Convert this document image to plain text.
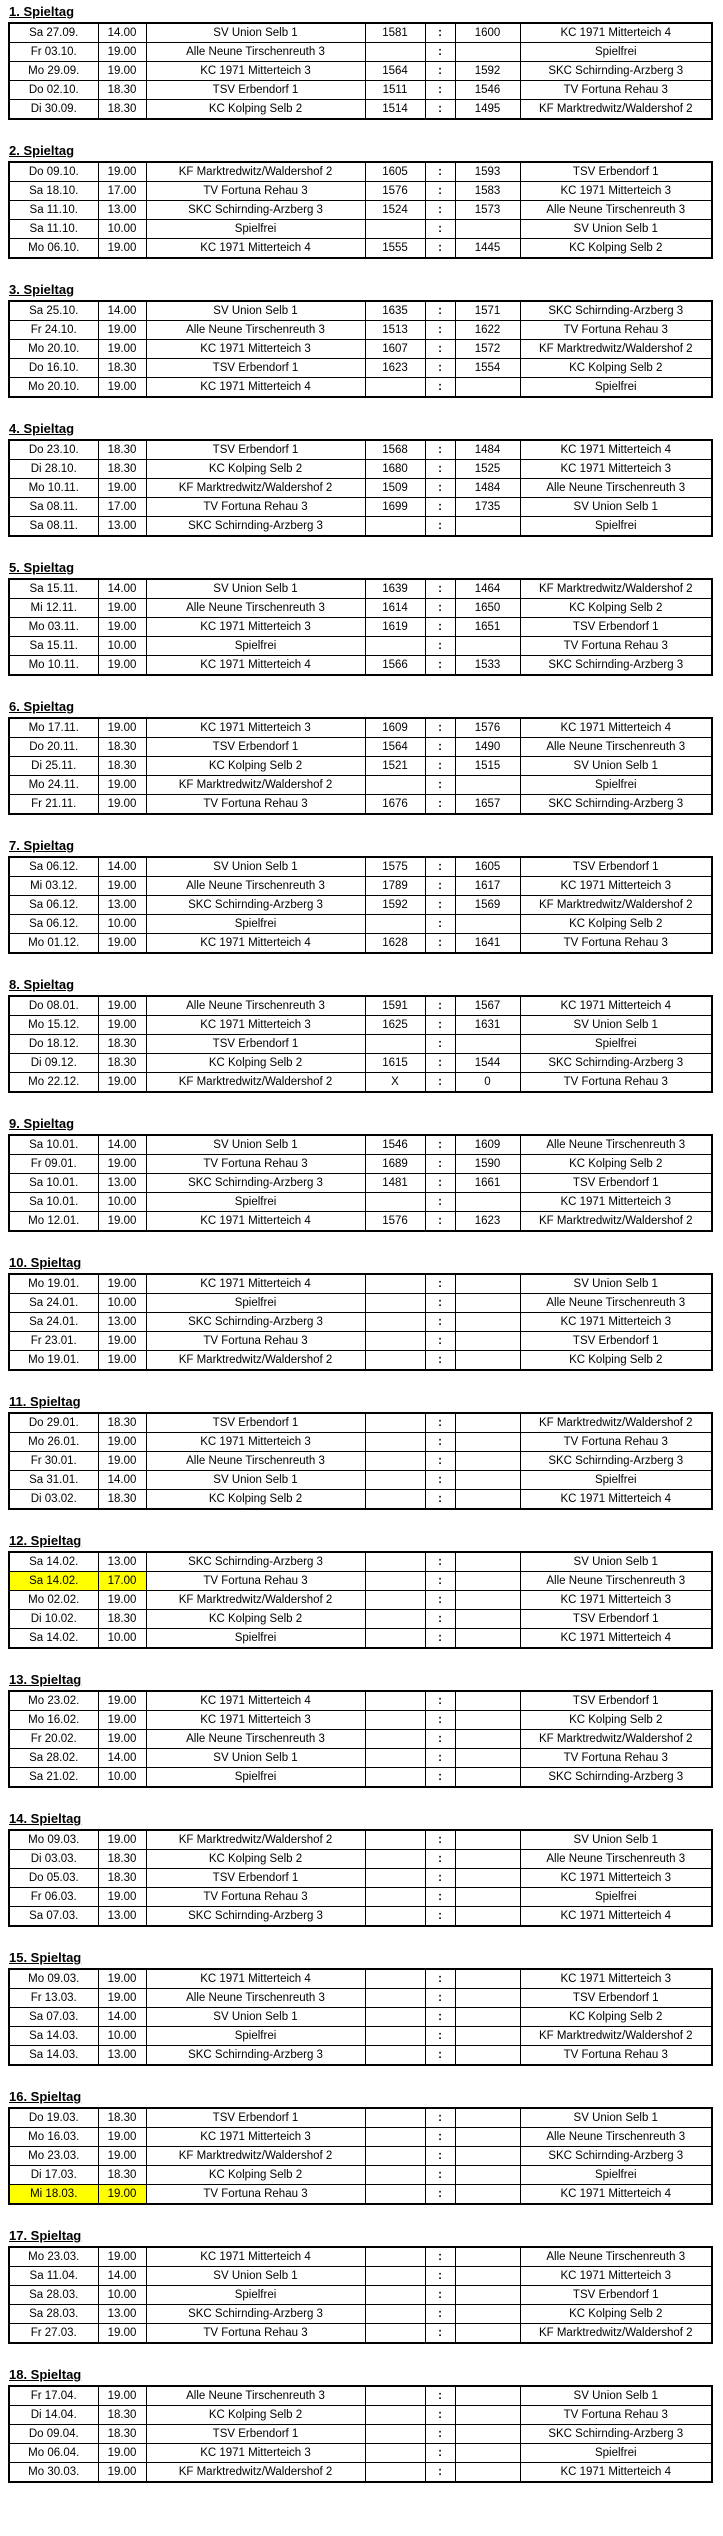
1. Spieltag
Sa 27.09.	14.00	SV Union Selb 1	1581	:	1600	KC 1971 Mitterteich 4
Fr 03.10.	19.00	Alle Neune Tirschenreuth 3		:		Spielfrei
Mo 29.09.	19.00	KC 1971 Mitterteich 3	1564	:	1592	SKC Schirnding-Arzberg 3
Do 02.10.	18.30	TSV Erbendorf 1	1511	:	1546	TV Fortuna Rehau 3
Di 30.09.	18.30	KC Kolping Selb 2	1514	:	1495	KF Marktredwitz/Waldershof 2
2. Spieltag
Do 09.10.	19.00	KF Marktredwitz/Waldershof 2	1605	:	1593	TSV Erbendorf 1
Sa 18.10.	17.00	TV Fortuna Rehau 3	1576	:	1583	KC 1971 Mitterteich 3
Sa 11.10.	13.00	SKC Schirnding-Arzberg 3	1524	:	1573	Alle Neune Tirschenreuth 3
Sa 11.10.	10.00	Spielfrei		:		SV Union Selb 1
Mo 06.10.	19.00	KC 1971 Mitterteich 4	1555	:	1445	KC Kolping Selb 2
3. Spieltag
Sa 25.10.	14.00	SV Union Selb 1	1635	:	1571	SKC Schirnding-Arzberg 3
Fr 24.10.	19.00	Alle Neune Tirschenreuth 3	1513	:	1622	TV Fortuna Rehau 3
Mo 20.10.	19.00	KC 1971 Mitterteich 3	1607	:	1572	KF Marktredwitz/Waldershof 2
Do 16.10.	18.30	TSV Erbendorf 1	1623	:	1554	KC Kolping Selb 2
Mo 20.10.	19.00	KC 1971 Mitterteich 4		:		Spielfrei
4. Spieltag
Do 23.10.	18.30	TSV Erbendorf 1	1568	:	1484	KC 1971 Mitterteich 4
Di 28.10.	18.30	KC Kolping Selb 2	1680	:	1525	KC 1971 Mitterteich 3
Mo 10.11.	19.00	KF Marktredwitz/Waldershof 2	1509	:	1484	Alle Neune Tirschenreuth 3
Sa 08.11.	17.00	TV Fortuna Rehau 3	1699	:	1735	SV Union Selb 1
Sa 08.11.	13.00	SKC Schirnding-Arzberg 3		:		Spielfrei
5. Spieltag
Sa 15.11.	14.00	SV Union Selb 1	1639	:	1464	KF Marktredwitz/Waldershof 2
Mi 12.11.	19.00	Alle Neune Tirschenreuth 3	1614	:	1650	KC Kolping Selb 2
Mo 03.11.	19.00	KC 1971 Mitterteich 3	1619	:	1651	TSV Erbendorf 1
Sa 15.11.	10.00	Spielfrei		:		TV Fortuna Rehau 3
Mo 10.11.	19.00	KC 1971 Mitterteich 4	1566	:	1533	SKC Schirnding-Arzberg 3
6. Spieltag
Mo 17.11.	19.00	KC 1971 Mitterteich 3	1609	:	1576	KC 1971 Mitterteich 4
Do 20.11.	18.30	TSV Erbendorf 1	1564	:	1490	Alle Neune Tirschenreuth 3
Di 25.11.	18.30	KC Kolping Selb 2	1521	:	1515	SV Union Selb 1
Mo 24.11.	19.00	KF Marktredwitz/Waldershof 2		:		Spielfrei
Fr 21.11.	19.00	TV Fortuna Rehau 3	1676	:	1657	SKC Schirnding-Arzberg 3
7. Spieltag
Sa 06.12.	14.00	SV Union Selb 1	1575	:	1605	TSV Erbendorf 1
Mi 03.12.	19.00	Alle Neune Tirschenreuth 3	1789	:	1617	KC 1971 Mitterteich 3
Sa 06.12.	13.00	SKC Schirnding-Arzberg 3	1592	:	1569	KF Marktredwitz/Waldershof 2
Sa 06.12.	10.00	Spielfrei		:		KC Kolping Selb 2
Mo 01.12.	19.00	KC 1971 Mitterteich 4	1628	:	1641	TV Fortuna Rehau 3
8. Spieltag
Do 08.01.	19.00	Alle Neune Tirschenreuth 3	1591	:	1567	KC 1971 Mitterteich 4
Mo 15.12.	19.00	KC 1971 Mitterteich 3	1625	:	1631	SV Union Selb 1
Do 18.12.	18.30	TSV Erbendorf 1		:		Spielfrei
Di 09.12.	18.30	KC Kolping Selb 2	1615	:	1544	SKC Schirnding-Arzberg 3
Mo 22.12.	19.00	KF Marktredwitz/Waldershof 2	X	:	0	TV Fortuna Rehau 3
9. Spieltag
Sa 10.01.	14.00	SV Union Selb 1	1546	:	1609	Alle Neune Tirschenreuth 3
Fr 09.01.	19.00	TV Fortuna Rehau 3	1689	:	1590	KC Kolping Selb 2
Sa 10.01.	13.00	SKC Schirnding-Arzberg 3	1481	:	1661	TSV Erbendorf 1
Sa 10.01.	10.00	Spielfrei		:		KC 1971 Mitterteich 3
Mo 12.01.	19.00	KC 1971 Mitterteich 4	1576	:	1623	KF Marktredwitz/Waldershof 2
10. Spieltag
Mo 19.01.	19.00	KC 1971 Mitterteich 4		:		SV Union Selb 1
Sa 24.01.	10.00	Spielfrei		:		Alle Neune Tirschenreuth 3
Sa 24.01.	13.00	SKC Schirnding-Arzberg 3		:		KC 1971 Mitterteich 3
Fr 23.01.	19.00	TV Fortuna Rehau 3		:		TSV Erbendorf 1
Mo 19.01.	19.00	KF Marktredwitz/Waldershof 2		:		KC Kolping Selb 2
11. Spieltag
Do 29.01.	18.30	TSV Erbendorf 1		:		KF Marktredwitz/Waldershof 2
Mo 26.01.	19.00	KC 1971 Mitterteich 3		:		TV Fortuna Rehau 3
Fr 30.01.	19.00	Alle Neune Tirschenreuth 3		:		SKC Schirnding-Arzberg 3
Sa 31.01.	14.00	SV Union Selb 1		:		Spielfrei
Di 03.02.	18.30	KC Kolping Selb 2		:		KC 1971 Mitterteich 4
12. Spieltag
Sa 14.02.	13.00	SKC Schirnding-Arzberg 3		:		SV Union Selb 1
Sa 14.02.	17.00	TV Fortuna Rehau 3		:		Alle Neune Tirschenreuth 3
Mo 02.02.	19.00	KF Marktredwitz/Waldershof 2		:		KC 1971 Mitterteich 3
Di 10.02.	18.30	KC Kolping Selb 2		:		TSV Erbendorf 1
Sa 14.02.	10.00	Spielfrei		:		KC 1971 Mitterteich 4
13. Spieltag
Mo 23.02.	19.00	KC 1971 Mitterteich 4		:		TSV Erbendorf 1
Mo 16.02.	19.00	KC 1971 Mitterteich 3		:		KC Kolping Selb 2
Fr 20.02.	19.00	Alle Neune Tirschenreuth 3		:		KF Marktredwitz/Waldershof 2
Sa 28.02.	14.00	SV Union Selb 1		:		TV Fortuna Rehau 3
Sa 21.02.	10.00	Spielfrei		:		SKC Schirnding-Arzberg 3
14. Spieltag
Mo 09.03.	19.00	KF Marktredwitz/Waldershof 2		:		SV Union Selb 1
Di 03.03.	18.30	KC Kolping Selb 2		:		Alle Neune Tirschenreuth 3
Do 05.03.	18.30	TSV Erbendorf 1		:		KC 1971 Mitterteich 3
Fr 06.03.	19.00	TV Fortuna Rehau 3		:		Spielfrei
Sa 07.03.	13.00	SKC Schirnding-Arzberg 3		:		KC 1971 Mitterteich 4
15. Spieltag
Mo 09.03.	19.00	KC 1971 Mitterteich 4		:		KC 1971 Mitterteich 3
Fr 13.03.	19.00	Alle Neune Tirschenreuth 3		:		TSV Erbendorf 1
Sa 07.03.	14.00	SV Union Selb 1		:		KC Kolping Selb 2
Sa 14.03.	10.00	Spielfrei		:		KF Marktredwitz/Waldershof 2
Sa 14.03.	13.00	SKC Schirnding-Arzberg 3		:		TV Fortuna Rehau 3
16. Spieltag
Do 19.03.	18.30	TSV Erbendorf 1		:		SV Union Selb 1
Mo 16.03.	19.00	KC 1971 Mitterteich 3		:		Alle Neune Tirschenreuth 3
Mo 23.03.	19.00	KF Marktredwitz/Waldershof 2		:		SKC Schirnding-Arzberg 3
Di 17.03.	18.30	KC Kolping Selb 2		:		Spielfrei
Mi 18.03.	19.00	TV Fortuna Rehau 3		:		KC 1971 Mitterteich 4
17. Spieltag
Mo 23.03.	19.00	KC 1971 Mitterteich 4		:		Alle Neune Tirschenreuth 3
Sa 11.04.	14.00	SV Union Selb 1		:		KC 1971 Mitterteich 3
Sa 28.03.	10.00	Spielfrei		:		TSV Erbendorf 1
Sa 28.03.	13.00	SKC Schirnding-Arzberg 3		:		KC Kolping Selb 2
Fr 27.03.	19.00	TV Fortuna Rehau 3		:		KF Marktredwitz/Waldershof 2
18. Spieltag
Fr 17.04.	19.00	Alle Neune Tirschenreuth 3		:		SV Union Selb 1
Di 14.04.	18.30	KC Kolping Selb 2		:		TV Fortuna Rehau 3
Do 09.04.	18.30	TSV Erbendorf 1		:		SKC Schirnding-Arzberg 3
Mo 06.04.	19.00	KC 1971 Mitterteich 3		:		Spielfrei
Mo 30.03.	19.00	KF Marktredwitz/Waldershof 2		:		KC 1971 Mitterteich 4
